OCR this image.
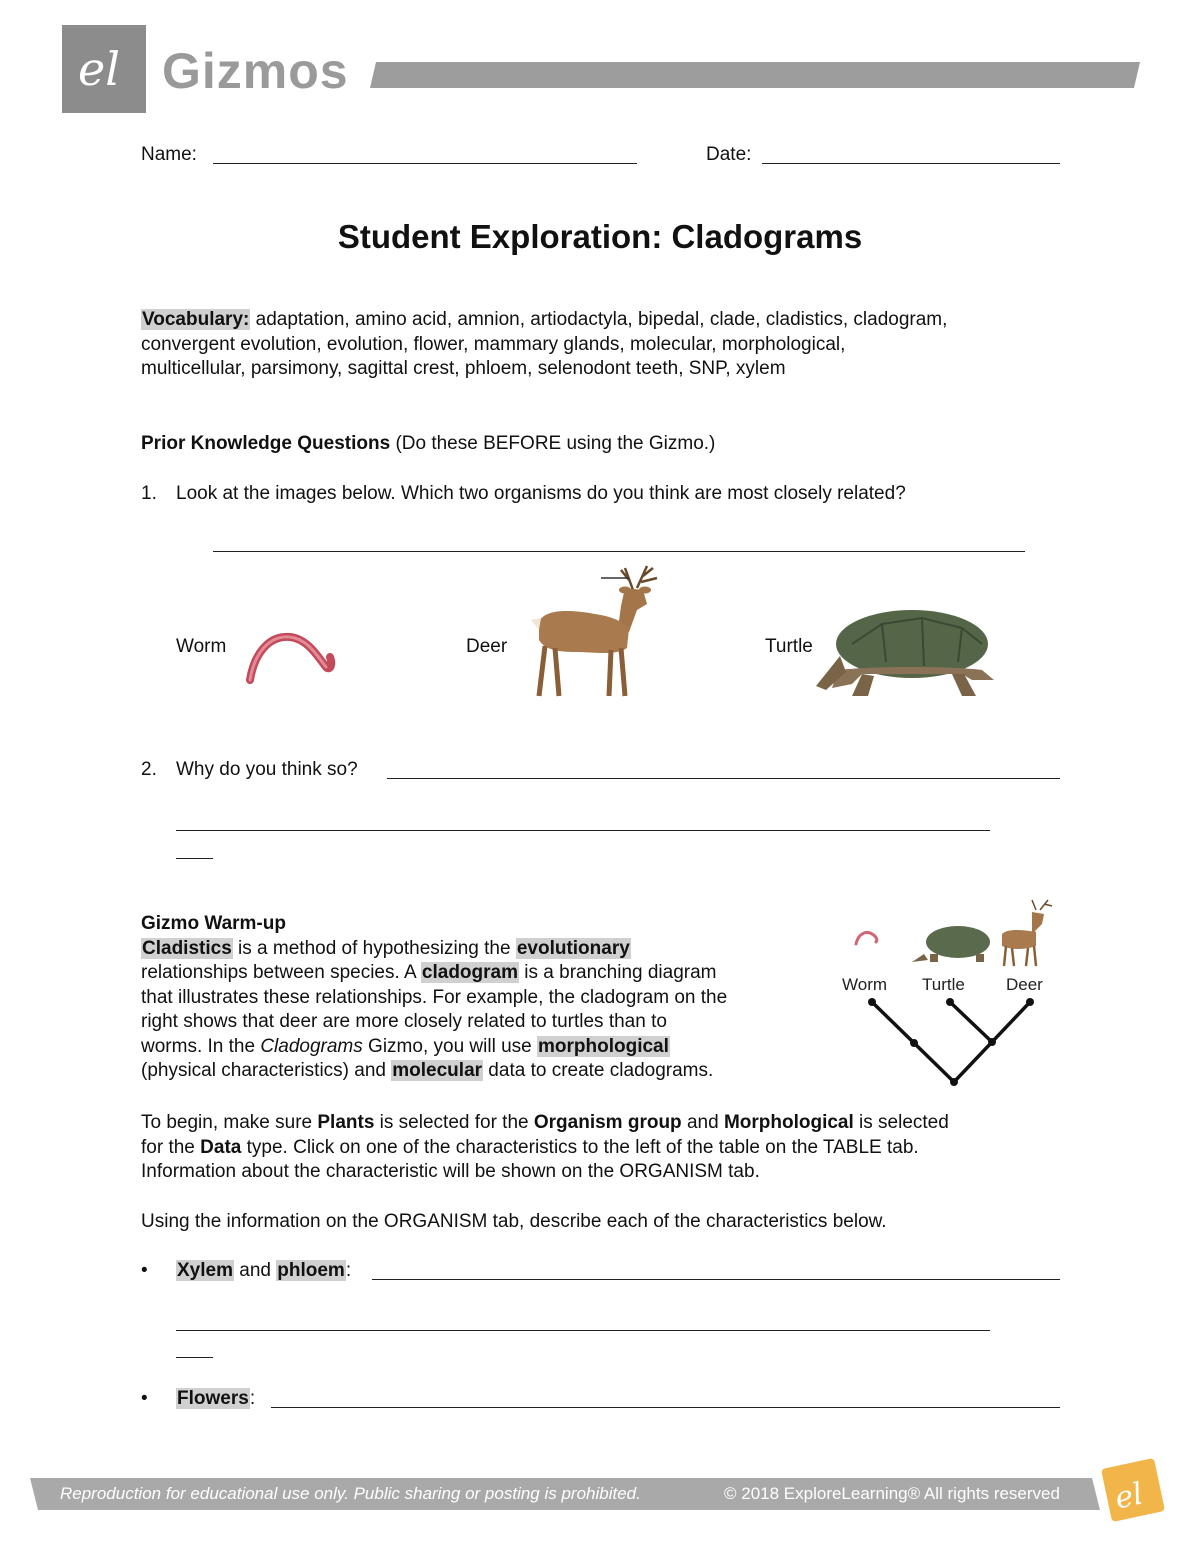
el Gizmos
Name:	Date:
Student Exploration: Cladograms
Vocabulary: adaptation, amino acid, amnion, artiodactyla, bipedal, clade, cladistics, cladogram,
convergent evolution, evolution, flower, mammary glands, molecular, morphological,
multicellular, parsimony, sagittal crest, phloem, selenodont teeth, SNP, xylem
Prior Knowledge Questions (Do these BEFORE using the Gizmo.)
1. Look at the images below. Which two organisms do you think are most closely related?
Worm	Deer	Turtle
2. Why do you think so?
Gizmo Warm-up
Cladistics is a method of hypothesizing the evolutionary
relationships between species. A cladogram is a branching diagram
that illustrates these relationships. For example, the cladogram on the
right shows that deer are more closely related to turtles than to
worms. In the Cladograms Gizmo, you will use morphological
(physical characteristics) and molecular data to create cladograms.
Worm Turtle Deer
To begin, make sure Plants is selected for the Organism group and Morphological is selected
for the Data type. Click on one of the characteristics to the left of the table on the TABLE tab.
Information about the characteristic will be shown on the ORGANISM tab.
Using the information on the ORGANISM tab, describe each of the characteristics below.
• Xylem and phloem:
• Flowers:
Reproduction for educational use only. Public sharing or posting is prohibited.	© 2018 ExploreLearning® All rights reserved el
